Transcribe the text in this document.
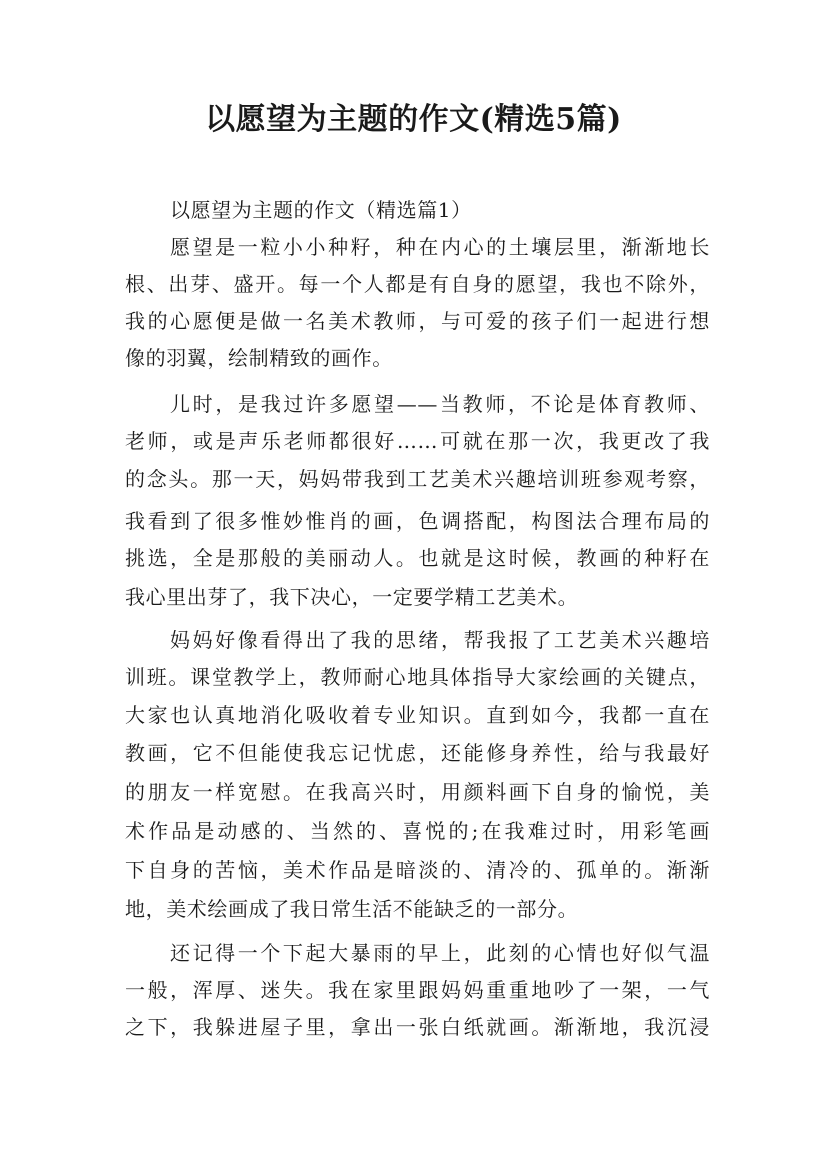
以愿望为主题的作文(精选5篇)
以愿望为主题的作文（精选篇1）
愿望是一粒小小种籽，种在内心的土壤层里，渐渐地长
根、出芽、盛开。每一个人都是有自身的愿望，我也不除外，
我的心愿便是做一名美术教师，与可爱的孩子们一起进行想
像的羽翼，绘制精致的画作。
儿时，是我过许多愿望——当教师，不论是体育教师、
老师，或是声乐老师都很好……可就在那一次，我更改了我
的念头。那一天，妈妈带我到工艺美术兴趣培训班参观考察，
我看到了很多惟妙惟肖的画，色调搭配，构图法合理布局的
挑选，全是那般的美丽动人。也就是这时候，教画的种籽在
我心里出芽了，我下决心，一定要学精工艺美术。
妈妈好像看得出了我的思绪，帮我报了工艺美术兴趣培
训班。课堂教学上，教师耐心地具体指导大家绘画的关键点，
大家也认真地消化吸收着专业知识。直到如今，我都一直在
教画，它不但能使我忘记忧虑，还能修身养性，给与我最好
的朋友一样宽慰。在我高兴时，用颜料画下自身的愉悦，美
术作品是动感的、当然的、喜悦的;在我难过时，用彩笔画
下自身的苦恼，美术作品是暗淡的、清冷的、孤单的。渐渐
地，美术绘画成了我日常生活不能缺乏的一部分。
还记得一个下起大暴雨的早上，此刻的心情也好似气温
一般，浑厚、迷失。我在家里跟妈妈重重地吵了一架，一气
之下，我躲进屋子里，拿出一张白纸就画。渐渐地，我沉浸
